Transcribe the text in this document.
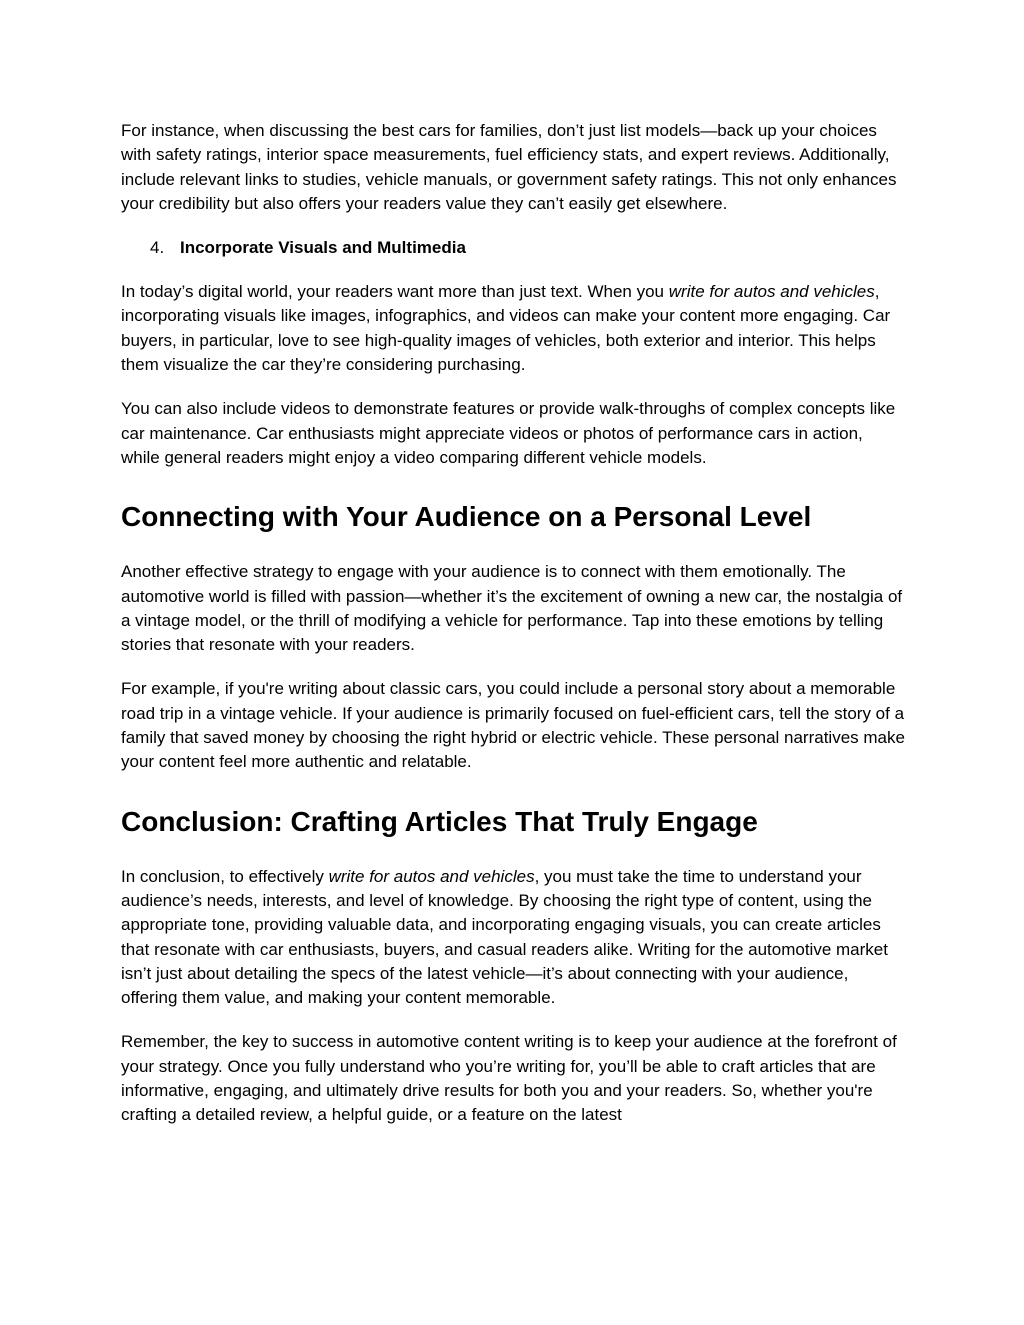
For instance, when discussing the best cars for families, don’t just list models—back up your choices with safety ratings, interior space measurements, fuel efficiency stats, and expert reviews. Additionally, include relevant links to studies, vehicle manuals, or government safety ratings. This not only enhances your credibility but also offers your readers value they can’t easily get elsewhere.

4. Incorporate Visuals and Multimedia

In today’s digital world, your readers want more than just text. When you write for autos and vehicles, incorporating visuals like images, infographics, and videos can make your content more engaging. Car buyers, in particular, love to see high-quality images of vehicles, both exterior and interior. This helps them visualize the car they’re considering purchasing.

You can also include videos to demonstrate features or provide walk-throughs of complex concepts like car maintenance. Car enthusiasts might appreciate videos or photos of performance cars in action, while general readers might enjoy a video comparing different vehicle models.

Connecting with Your Audience on a Personal Level

Another effective strategy to engage with your audience is to connect with them emotionally. The automotive world is filled with passion—whether it’s the excitement of owning a new car, the nostalgia of a vintage model, or the thrill of modifying a vehicle for performance. Tap into these emotions by telling stories that resonate with your readers.

For example, if you're writing about classic cars, you could include a personal story about a memorable road trip in a vintage vehicle. If your audience is primarily focused on fuel-efficient cars, tell the story of a family that saved money by choosing the right hybrid or electric vehicle. These personal narratives make your content feel more authentic and relatable.

Conclusion: Crafting Articles That Truly Engage

In conclusion, to effectively write for autos and vehicles, you must take the time to understand your audience’s needs, interests, and level of knowledge. By choosing the right type of content, using the appropriate tone, providing valuable data, and incorporating engaging visuals, you can create articles that resonate with car enthusiasts, buyers, and casual readers alike. Writing for the automotive market isn’t just about detailing the specs of the latest vehicle—it’s about connecting with your audience, offering them value, and making your content memorable.

Remember, the key to success in automotive content writing is to keep your audience at the forefront of your strategy. Once you fully understand who you’re writing for, you’ll be able to craft articles that are informative, engaging, and ultimately drive results for both you and your readers. So, whether you're crafting a detailed review, a helpful guide, or a feature on the latest
